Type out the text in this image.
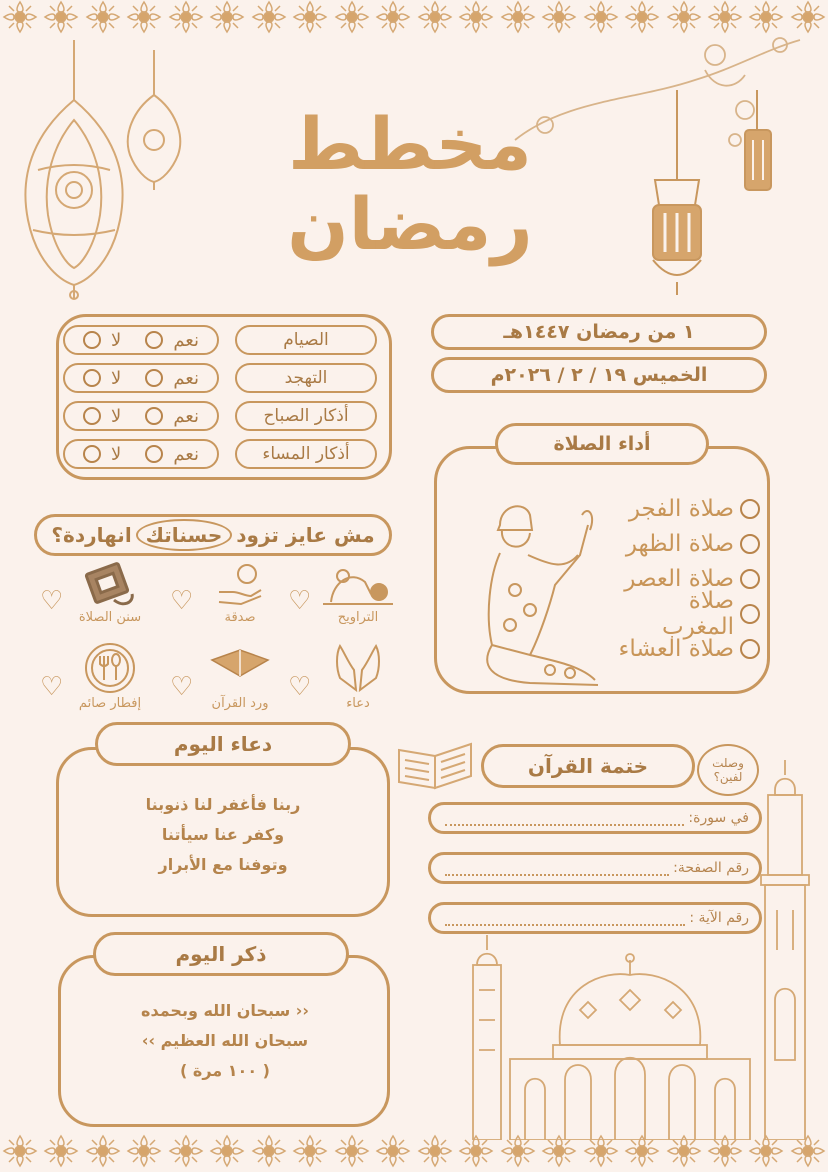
مخطط
رمضان
١ من رمضان ١٤٤٧هـ
الخميس ١٩ / ٢ / ٢٠٢٦م
الصيام
نعم
لا
التهجد
نعم
لا
أذكار الصباح
نعم
لا
أذكار المساء
نعم
لا	أداء الصلاة
صلاة الفجر
صلاة الظهر
صلاة العصر
صلاة المغرب
صلاة العشاء
مش عايز تزود
حسناتك
انهاردة؟
♡
التراويح
♡
صدقة
♡
سنن الصلاة
♡
دعاء
♡
ورد القرآن
♡
إفطار صائم
دعاء اليوم
ربنا فأغفر لنا ذنوبنا
وكفر عنا سيأتنا
وتوفنا مع الأبرار
ذكر اليوم
‹‹ سبحان الله وبحمده
سبحان الله العظيم ››
( ١٠٠ مرة )
ختمة القرآن	وصلت لفين؟
في سورة:
رقم الصفحة:
رقم الآية :
